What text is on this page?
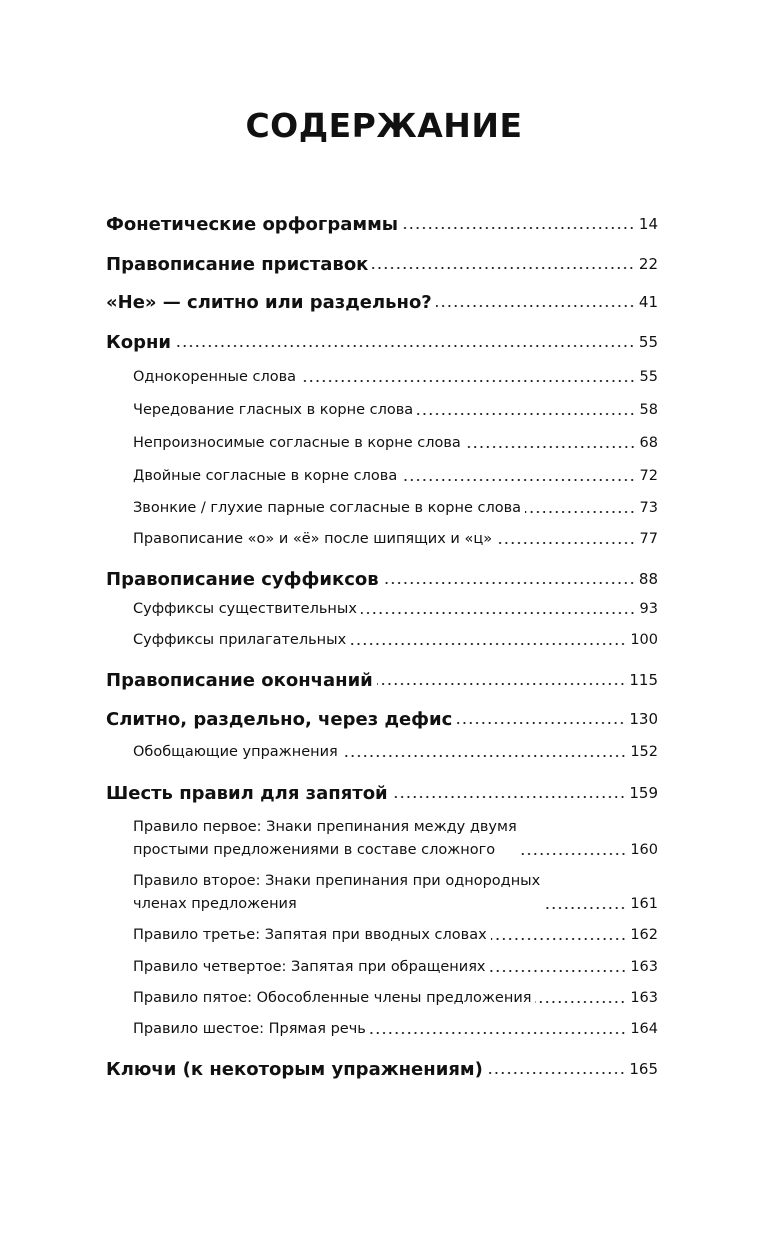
СОДЕРЖАНИЕ
Фонетические орфограммы	14
Правописание приставок	22
«Не» — слитно или раздельно?	41
Корни	55
Однокоренные слова	55
Чередование гласных в корне слова	58
Непроизносимые согласные в корне слова	68
Двойные согласные в корне слова	72
Звонкие / глухие парные согласные в корне слова	73
Правописание «о» и «ё» после шипящих и «ц»	77
Правописание суффиксов	88
Суффиксы существительных	93
Суффиксы прилагательных	100
Правописание окончаний	115
Слитно, раздельно, через дефис	130
Обобщающие упражнения	152
Шесть правил для запятой	159
Правило первое: Знаки препинания между двумя
простыми предложениями в составе сложного	160
Правило второе: Знаки препинания при однородных
членах предложения	161
Правило третье: Запятая при вводных словах	162
Правило четвертое: Запятая при обращениях	163
Правило пятое: Обособленные члены предложения	163
Правило шестое: Прямая речь	164
Ключи (к некоторым упражнениям)	165
